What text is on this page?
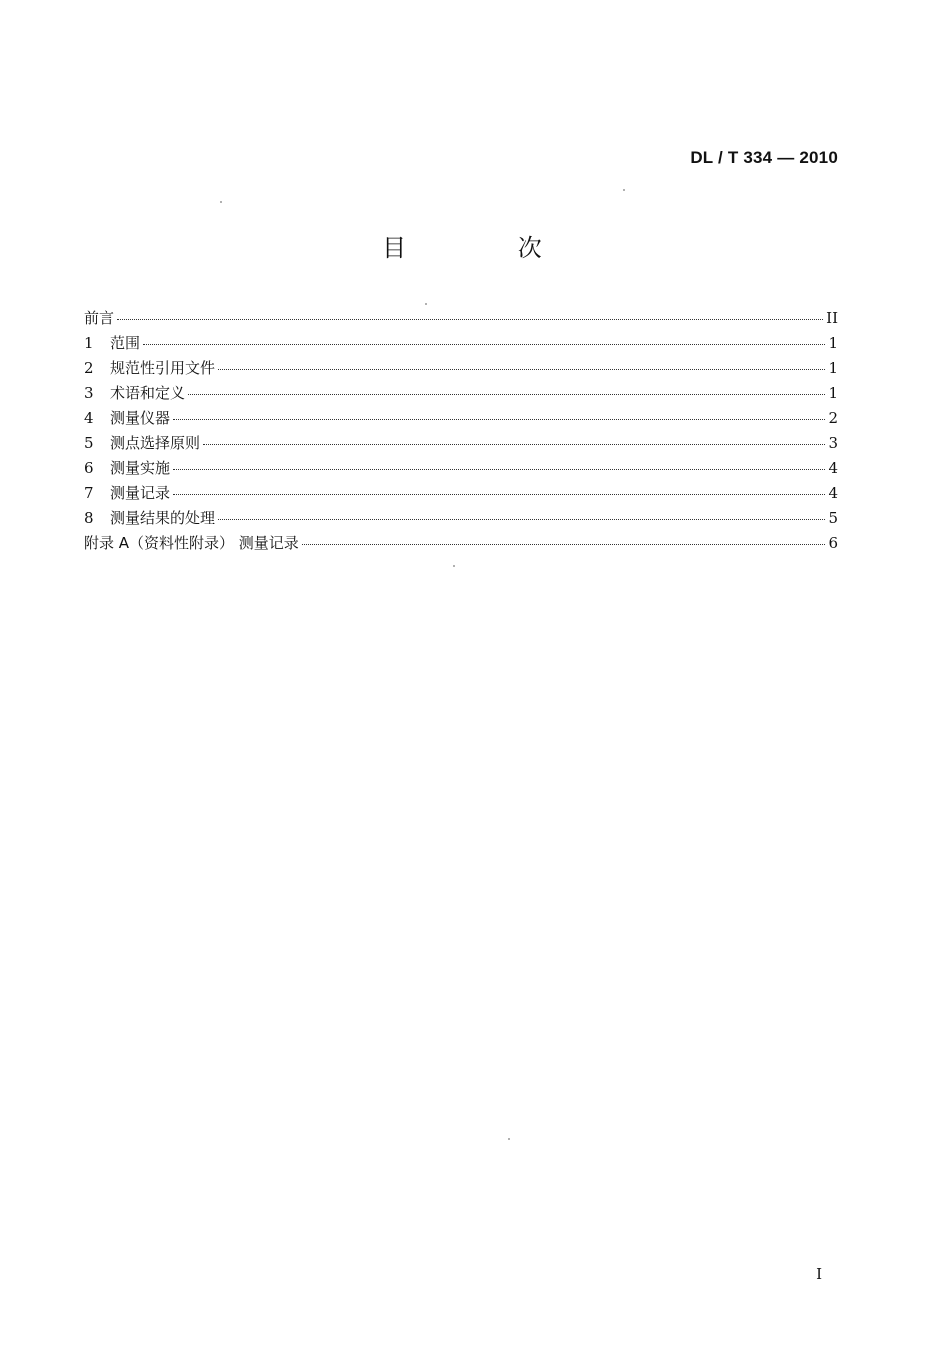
DL / T 334 — 2010
目 次
前言	II
1	范围	1
2	规范性引用文件	1
3	术语和定义	1
4	测量仪器	2
5	测点选择原则	3
6	测量实施	4
7	测量记录	4
8	测量结果的处理	5
附录 A（资料性附录） 测量记录	6
I
